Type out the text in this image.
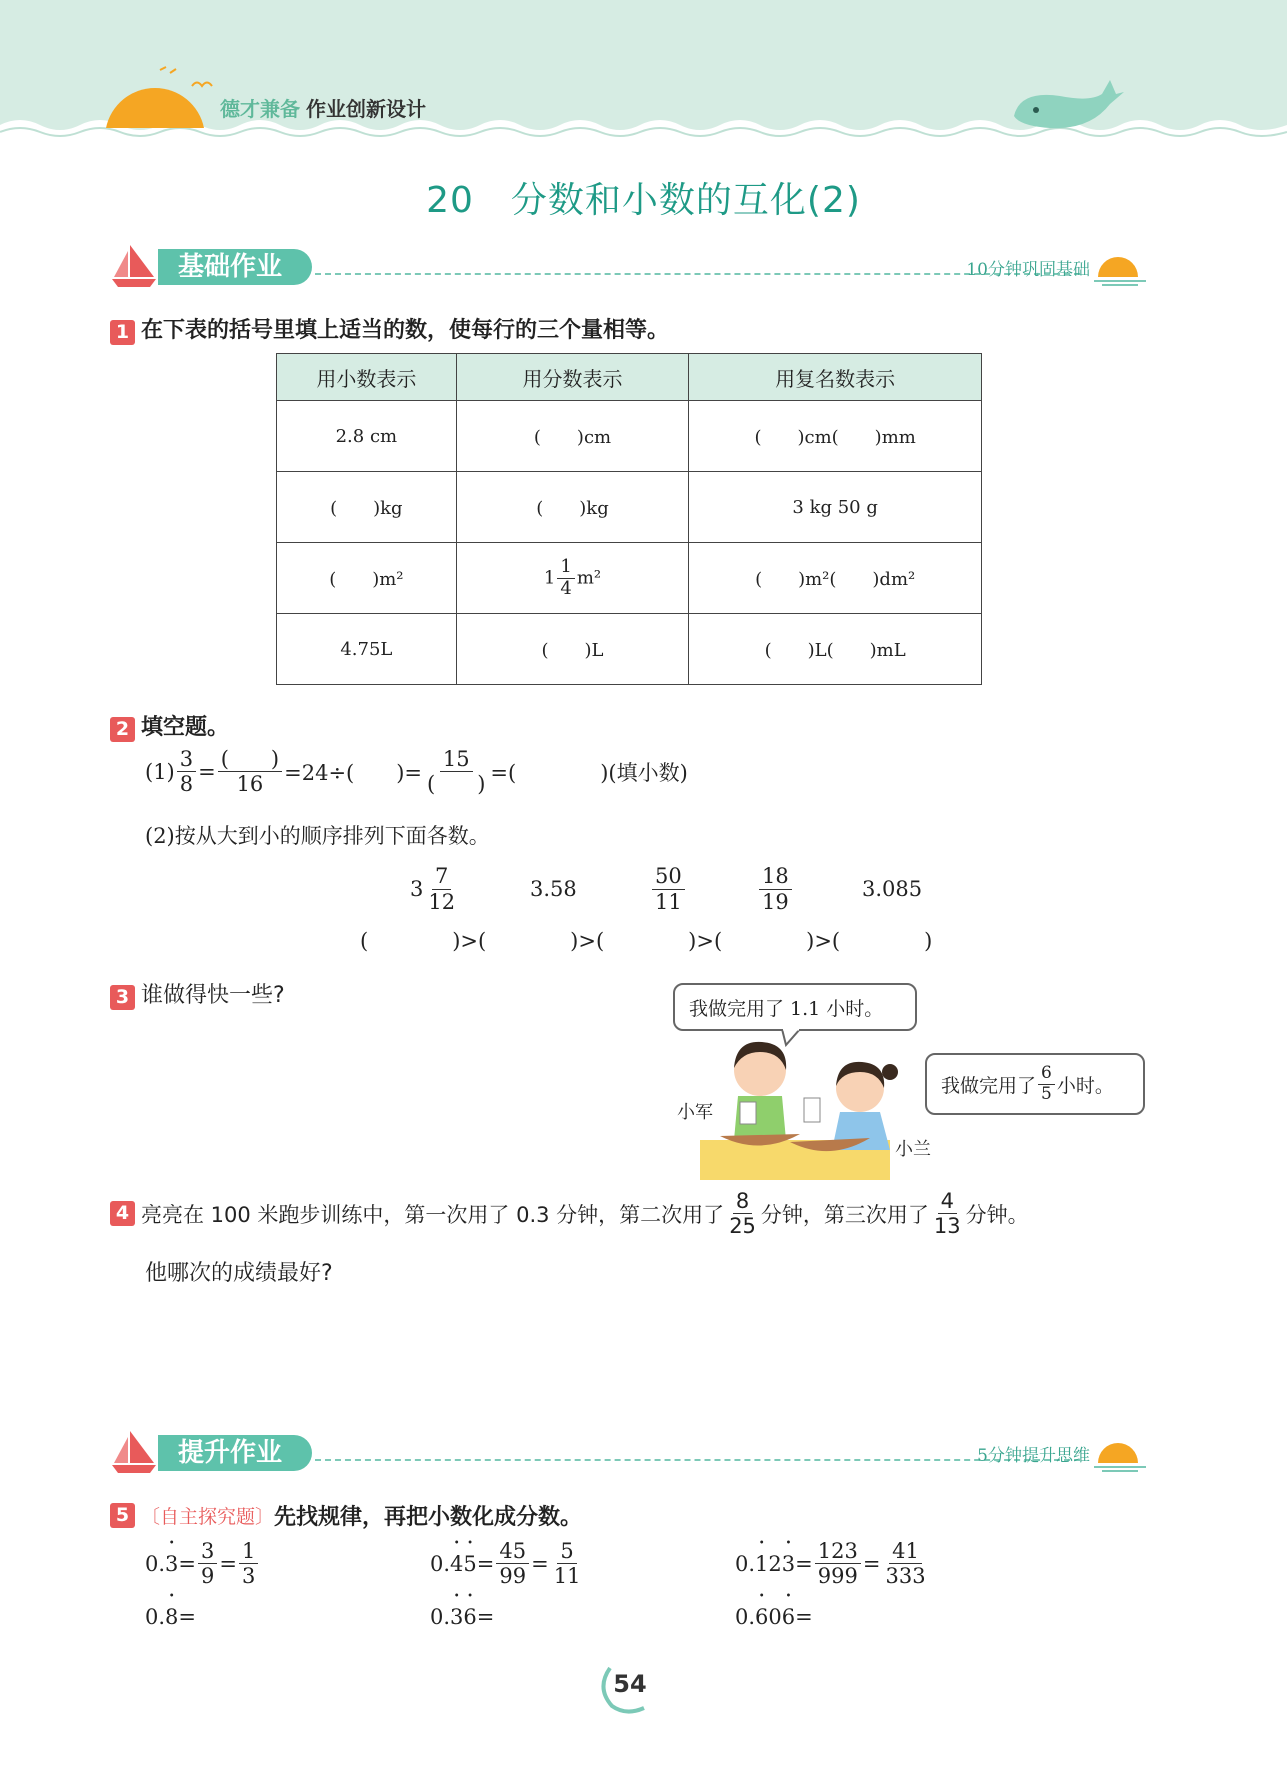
德才兼备 作业创新设计
20　分数和小数的互化(2)
基础作业	10分钟巩固基础
1 在下表的括号里填上适当的数，使每行的三个量相等。
用小数表示	用分数表示	用复名数表示
2.8 cm	(　　)cm	(　　)cm(　　)mm
(　　)kg	(　　)kg	3 kg 50 g
(　　)m²	$1 \frac{1}{4} m^2$	(　　)m²(　　)dm²
4.75L	(　　)L	(　　)L(　　)mL
2 填空题。
$(1) \frac{3}{8} = \frac{( )}{16} =24\div$(　　)= $\frac{15}{( )}$ =(　　　　)(填小数)
(2)按从大到小的顺序排列下面各数。
$3 \frac{7}{12}$	3.58	$\frac{50}{11}$	$\frac{18}{19}$	3.085
(　　　　)>(　　　　)>(　　　　)>(　　　　)>(　　　　)
3 谁做得快一些?
我做完用了 1.1 小时。
我做完用了 $\frac{6}{5}$ 小时。
小军
小兰
4 亮亮在 100 米跑步训练中，第一次用了 0.3 分钟，第二次用了 $\frac{8}{25}$ 分钟，第三次用了 $\frac{4}{13}$ 分钟。
他哪次的成绩最好?
提升作业	5分钟提升思维
5 〔自主探究题〕 先找规律，再把小数化成分数。
0. • $3 = \frac{3}{9} = \frac{1}{3}$	0. • 4 • $5 = \frac{45}{99} = \frac{5}{11}$	0. • 1 2 • $3 = \frac{123}{999} = \frac{41}{333}$
0. • 8 =	0. • 3 • 6 =	0. • 6 0 • 6 =
54
